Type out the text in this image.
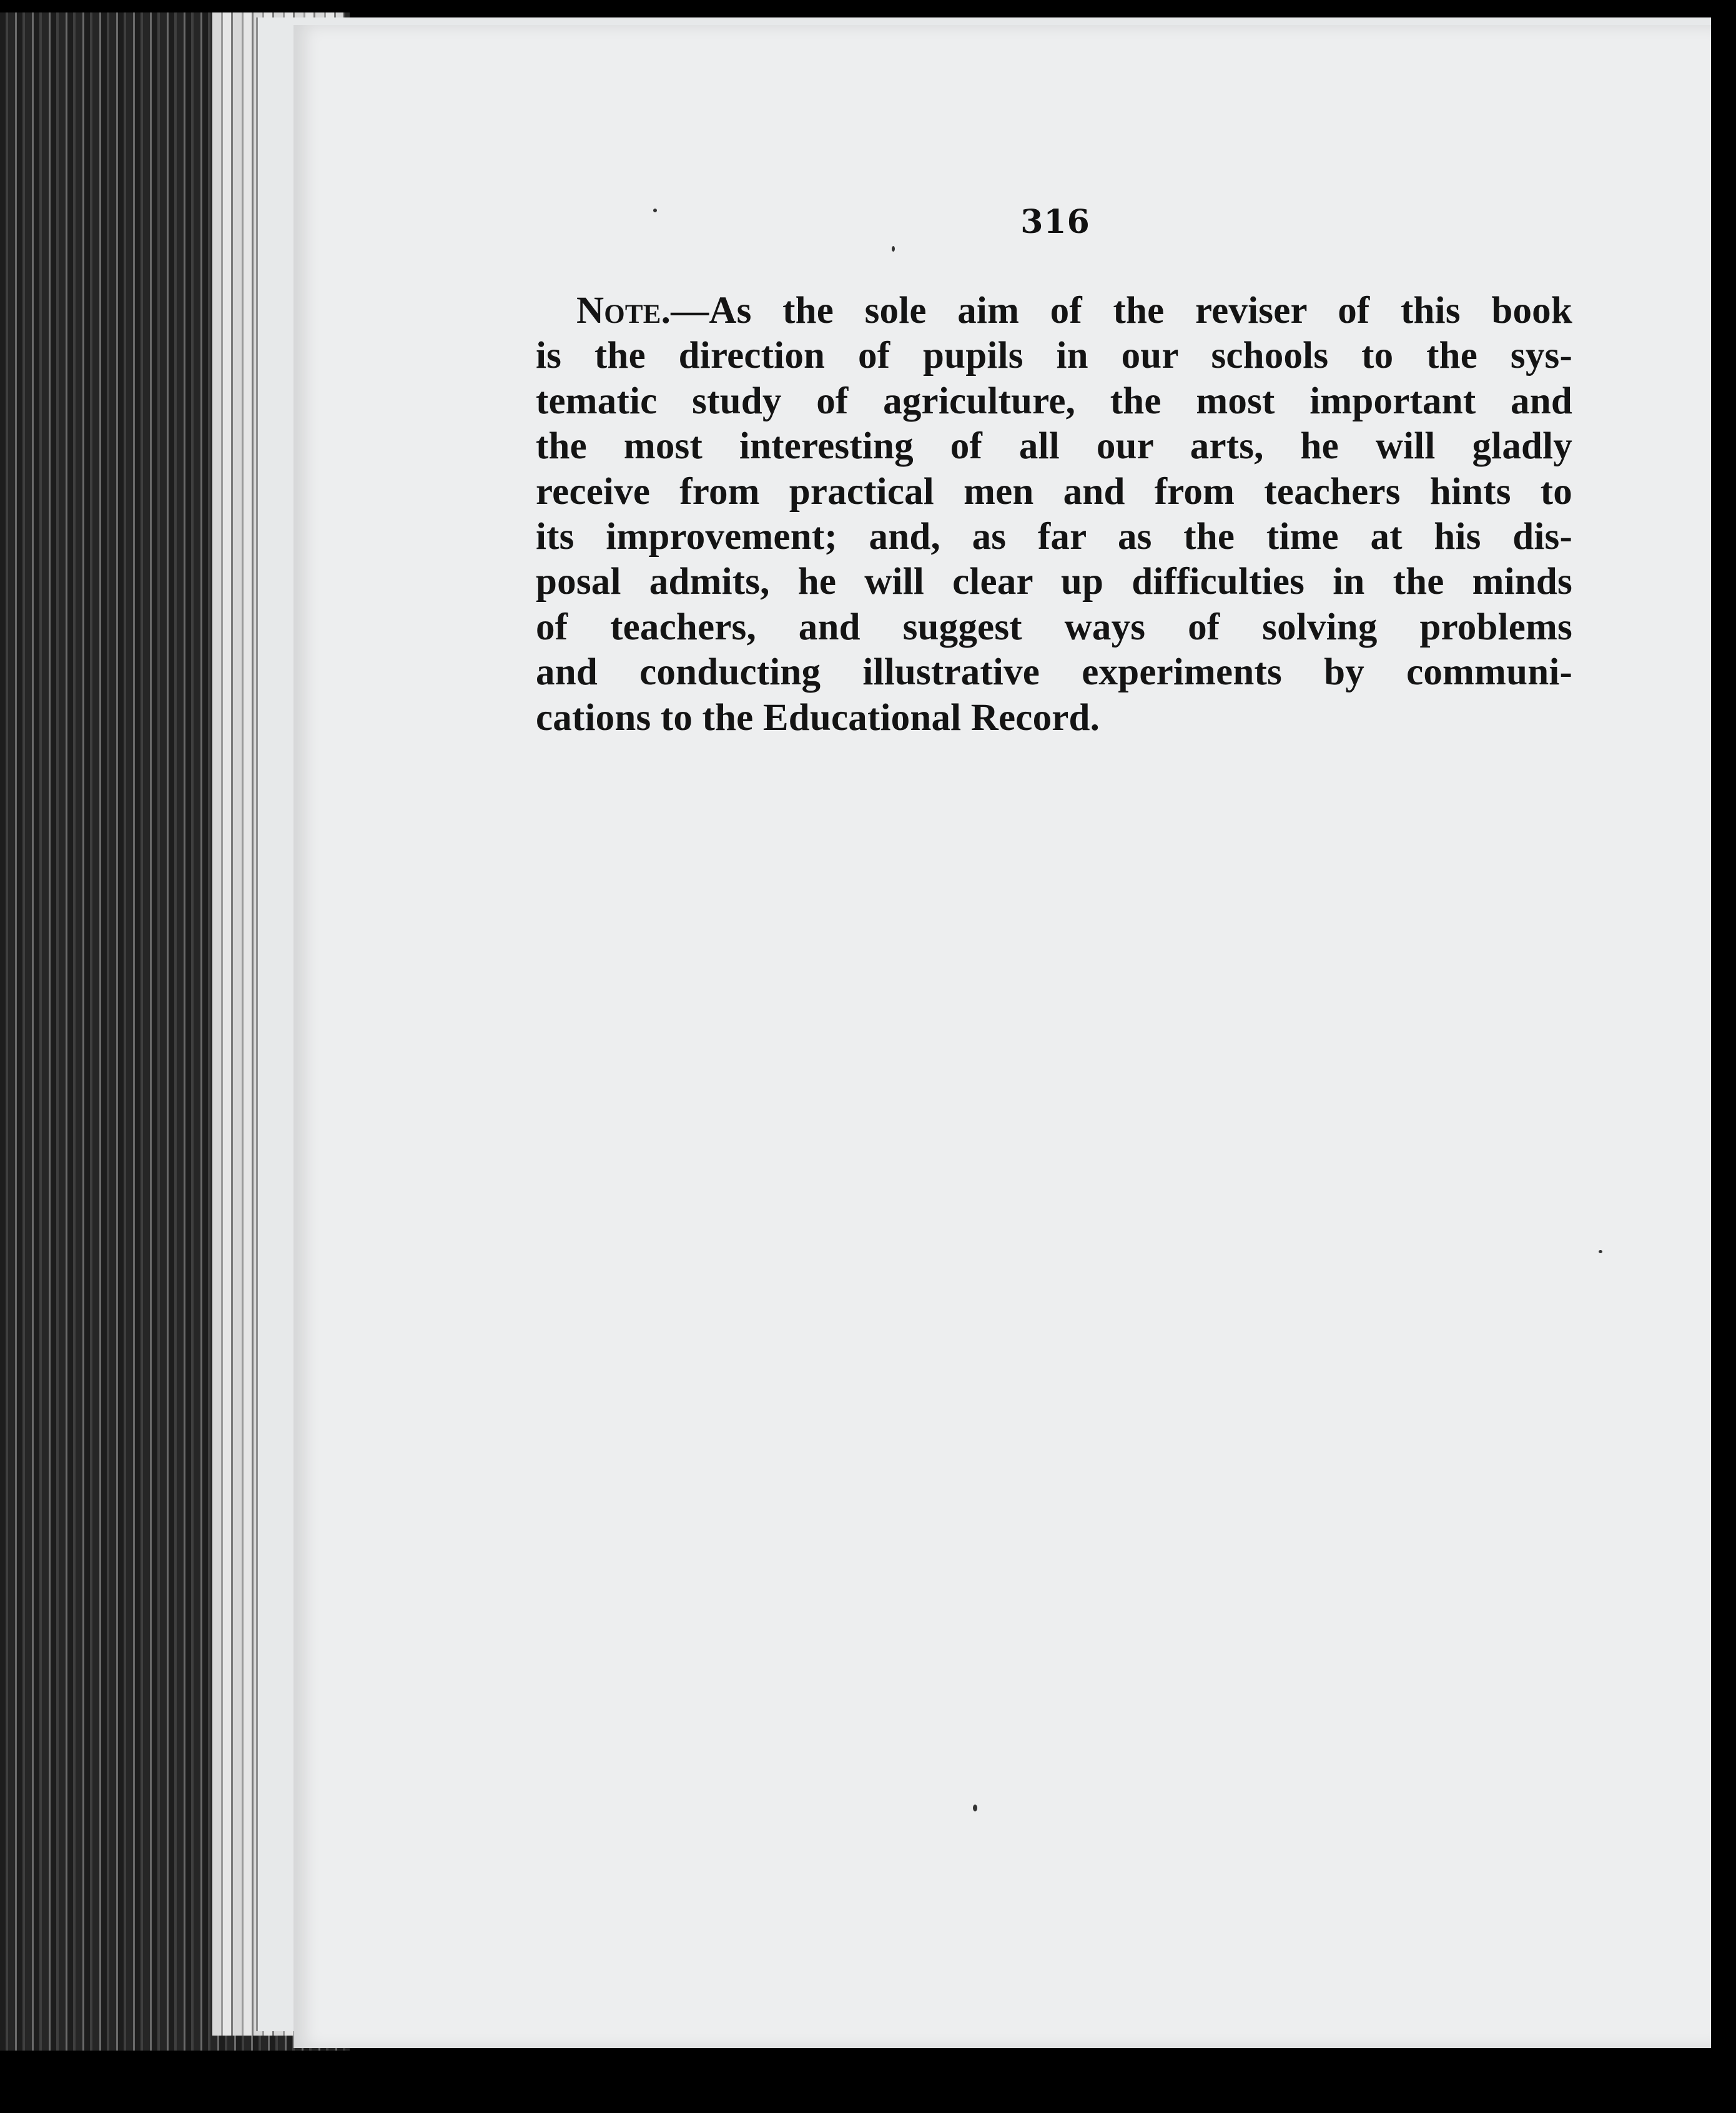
316
Note.—As the sole aim of the reviser of this book
is the direction of pupils in our schools to the sys-
tematic study of agriculture, the most important and
the most interesting of all our arts, he will gladly
receive from practical men and from teachers hints to
its improvement; and, as far as the time at his dis-
posal admits, he will clear up difficulties in the minds
of teachers, and suggest ways of solving problems
and conducting illustrative experiments by communi-
cations to the Educational Record.
